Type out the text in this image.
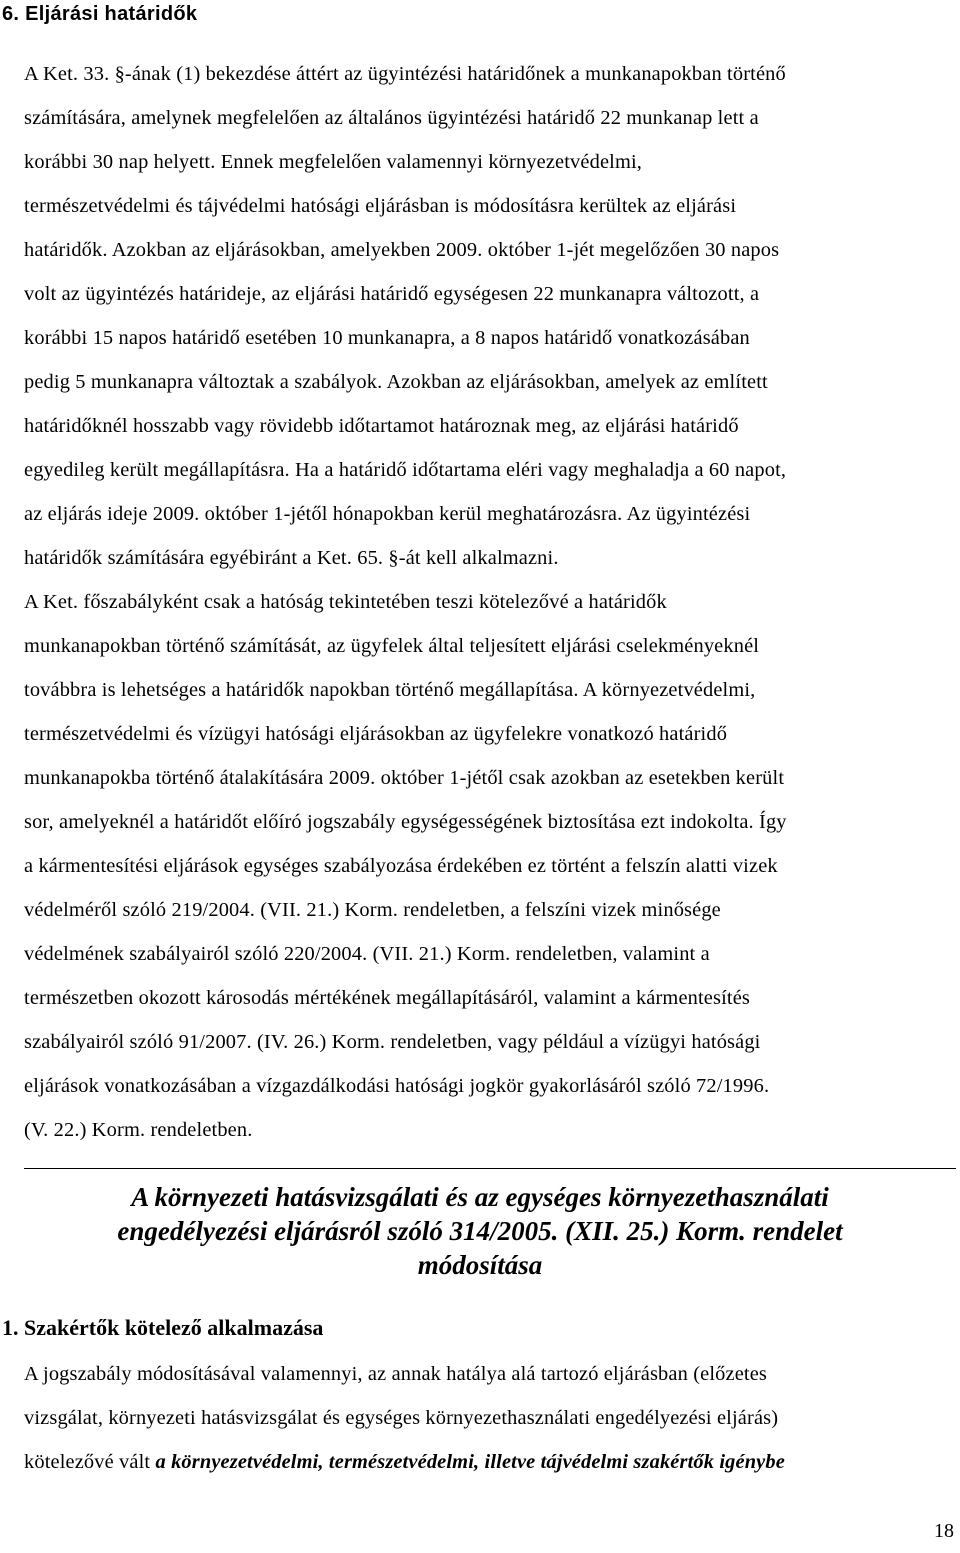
6. Eljárási határidők
A Ket. 33. §-ának (1) bekezdése áttért az ügyintézési határidőnek a munkanapokban történő
számítására, amelynek megfelelően az általános ügyintézési határidő 22 munkanap lett a
korábbi 30 nap helyett. Ennek megfelelően valamennyi környezetvédelmi,
természetvédelmi és tájvédelmi hatósági eljárásban is módosításra kerültek az eljárási
határidők. Azokban az eljárásokban, amelyekben 2009. október 1-jét megelőzően 30 napos
volt az ügyintézés határideje, az eljárási határidő egységesen 22 munkanapra változott, a
korábbi 15 napos határidő esetében 10 munkanapra, a 8 napos határidő vonatkozásában
pedig 5 munkanapra változtak a szabályok. Azokban az eljárásokban, amelyek az említett
határidőknél hosszabb vagy rövidebb időtartamot határoznak meg, az eljárási határidő
egyedileg került megállapításra. Ha a határidő időtartama eléri vagy meghaladja a 60 napot,
az eljárás ideje 2009. október 1-jétől hónapokban kerül meghatározásra. Az ügyintézési
határidők számítására egyébiránt a Ket. 65. §-át kell alkalmazni.
A Ket. főszabályként csak a hatóság tekintetében teszi kötelezővé a határidők
munkanapokban történő számítását, az ügyfelek által teljesített eljárási cselekményeknél
továbbra is lehetséges a határidők napokban történő megállapítása. A környezetvédelmi,
természetvédelmi és vízügyi hatósági eljárásokban az ügyfelekre vonatkozó határidő
munkanapokba történő átalakítására 2009. október 1-jétől csak azokban az esetekben került
sor, amelyeknél a határidőt előíró jogszabály egységességének biztosítása ezt indokolta. Így
a kármentesítési eljárások egységes szabályozása érdekében ez történt a felszín alatti vizek
védelméről szóló 219/2004. (VII. 21.) Korm. rendeletben, a felszíni vizek minősége
védelmének szabályairól szóló 220/2004. (VII. 21.) Korm. rendeletben, valamint a
természetben okozott károsodás mértékének megállapításáról, valamint a kármentesítés
szabályairól szóló 91/2007. (IV. 26.) Korm. rendeletben, vagy például a vízügyi hatósági
eljárások vonatkozásában a vízgazdálkodási hatósági jogkör gyakorlásáról szóló 72/1996.
(V. 22.) Korm. rendeletben.
A környezeti hatásvizsgálati és az egységes környezethasználati
engedélyezési eljárásról szóló 314/2005. (XII. 25.) Korm. rendelet
módosítása
1. Szakértők kötelező alkalmazása
A jogszabály módosításával valamennyi, az annak hatálya alá tartozó eljárásban (előzetes
vizsgálat, környezeti hatásvizsgálat és egységes környezethasználati engedélyezési eljárás)
kötelezővé vált a környezetvédelmi, természetvédelmi, illetve tájvédelmi szakértők igénybe
18
